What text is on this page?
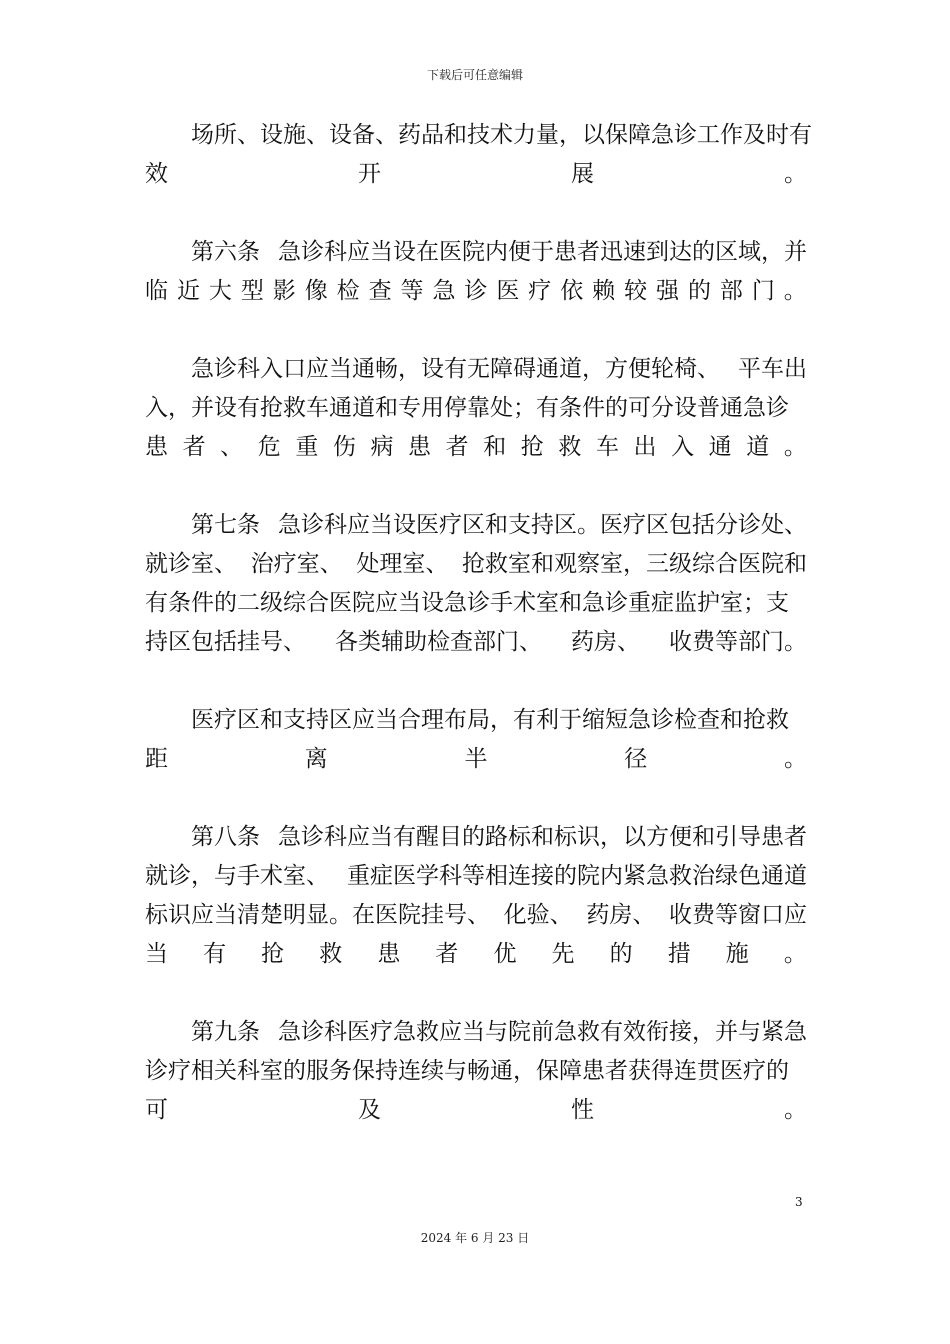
下载后可任意编辑
场所、 设施、 设备、 药品和技术力量，以保障急诊工作及时有
效	开	展	。
第六条 急诊科应当设在医院内便于患者迅速到达的区域，并
临 近 大 型 影 像 检 查 等 急 诊 医 疗 依 赖 较 强 的 部 门 。
急诊科入口应当通畅，设有无障碍通道，方便轮椅、 平车出
入，并设有抢救车通道和专用停靠处；有条件的可分设普通急诊
患 者 、 危 重 伤 病 患 者 和 抢 救 车 出 入 通 道 。
第七条 急诊科应当设医疗区和支持区。医疗区包括分诊处、
就诊室、 治疗室、 处理室、 抢救室和观察室，三级综合医院和
有条件的二级综合医院应当设急诊手术室和急诊重症监护室；支
持区包括挂号、 各类辅助检查部门、 药房、 收费等部门。
医疗区和支持区应当合理布局，有利于缩短急诊检查和抢救
距	离	半	径	。
第八条 急诊科应当有醒目的路标和标识，以方便和引导患者
就诊，与手术室、 重症医学科等相连接的院内紧急救治绿色通道
标识应当清楚明显。在医院挂号、 化验、 药房、 收费等窗口应
当 有 抢 救 患 者 优 先 的 措 施 。
第九条 急诊科医疗急救应当与院前急救有效衔接，并与紧急
诊疗相关科室的服务保持连续与畅通，保障患者获得连贯医疗的
可	及	性	。
3
2024 年 6 月 23 日
